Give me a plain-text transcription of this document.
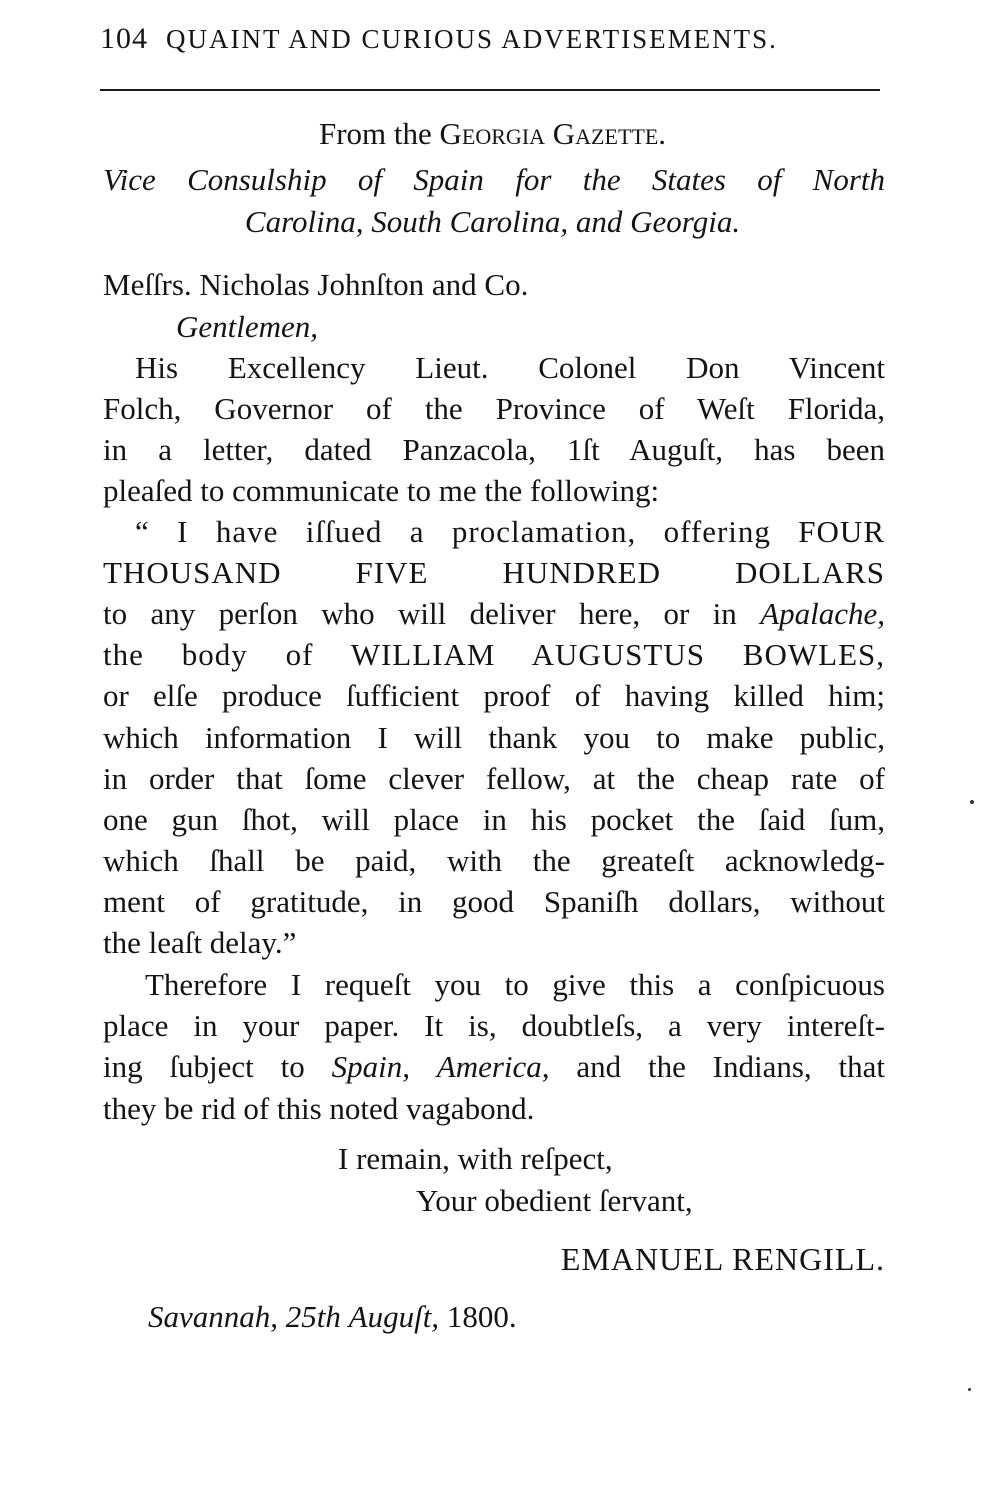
104 QUAINT AND CURIOUS ADVERTISEMENTS.
From the Georgia Gazette.
Vice Consulship of Spain for the States of North
Carolina, South Carolina, and Georgia.
Meſſrs. Nicholas Johnſton and Co.
Gentlemen,
His Excellency Lieut. Colonel Don Vincent
Folch, Governor of the Province of Weſt Florida,
in a letter, dated Panzacola, 1ſt Auguſt, has been
pleaſed to communicate to me the following:
“ I have iſſued a proclamation, offering FOUR
THOUSAND FIVE HUNDRED DOLLARS
to any perſon who will deliver here, or in Apalache,
the body of WILLIAM AUGUSTUS BOWLES,
or elſe produce ſufficient proof of having killed him;
which information I will thank you to make public,
in order that ſome clever fellow, at the cheap rate of
one gun ſhot, will place in his pocket the ſaid ſum,
which ſhall be paid, with the greateſt acknowledg-
ment of gratitude, in good Spaniſh dollars, without
the leaſt delay.”
Therefore I requeſt you to give this a conſpicuous
place in your paper. It is, doubtleſs, a very intereſt-
ing ſubject to Spain, America, and the Indians, that
they be rid of this noted vagabond.
I remain, with reſpect,
Your obedient ſervant,
EMANUEL RENGILL.
Savannah, 25th Auguſt, 1800.
